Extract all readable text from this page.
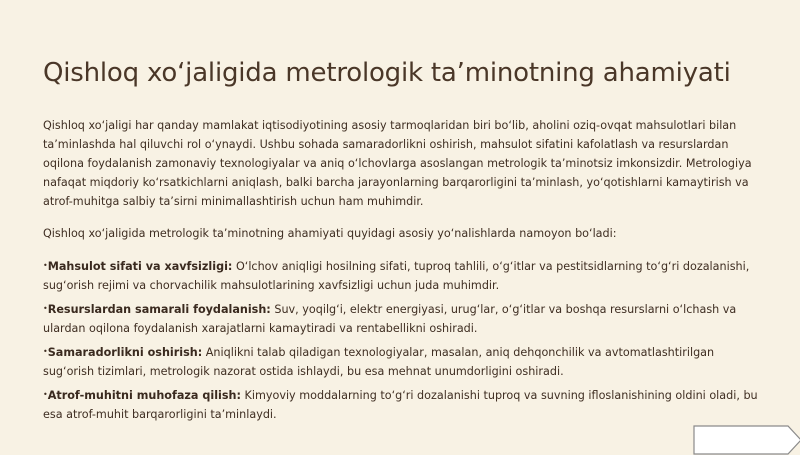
Qishloq xo‘jaligida metrologik ta’minotning ahamiyati

Qishloq xo‘jaligi har qanday mamlakat iqtisodiyotining asosiy tarmoqlaridan biri bo‘lib, aholini oziq-ovqat mahsulotlari bilan ta’minlashda hal qiluvchi rol o‘ynaydi. Ushbu sohada samaradorlikni oshirish, mahsulot sifatini kafolatlash va resurslardan oqilona foydalanish zamonaviy texnologiyalar va aniq o‘lchovlarga asoslangan metrologik ta’minotsiz imkonsizdir. Metrologiya nafaqat miqdoriy ko‘rsatkichlarni aniqlash, balki barcha jarayonlarning barqarorligini ta’minlash, yo‘qotishlarni kamaytirish va atrof-muhitga salbiy ta’sirni minimallashtirish uchun ham muhimdir.

Qishloq xo‘jaligida metrologik ta’minotning ahamiyati quyidagi asosiy yo‘nalishlarda namoyon bo‘ladi:

•Mahsulot sifati va xavfsizligi: O‘lchov aniqligi hosilning sifati, tuproq tahlili, o‘g‘itlar va pestitsidlarning to‘g‘ri dozalanishi, sug‘orish rejimi va chorvachilik mahsulotlarining xavfsizligi uchun juda muhimdir.
•Resurslardan samarali foydalanish: Suv, yoqilg‘i, elektr energiyasi, urug‘lar, o‘g‘itlar va boshqa resurslarni o‘lchash va ulardan oqilona foydalanish xarajatlarni kamaytiradi va rentabellikni oshiradi.
•Samaradorlikni oshirish: Aniqlikni talab qiladigan texnologiyalar, masalan, aniq dehqonchilik va avtomatlashtirilgan sug‘orish tizimlari, metrologik nazorat ostida ishlaydi, bu esa mehnat unumdorligini oshiradi.
•Atrof-muhitni muhofaza qilish: Kimyoviy moddalarning to‘g‘ri dozalanishi tuproq va suvning ifloslanishining oldini oladi, bu esa atrof-muhit barqarorligini ta’minlaydi.
